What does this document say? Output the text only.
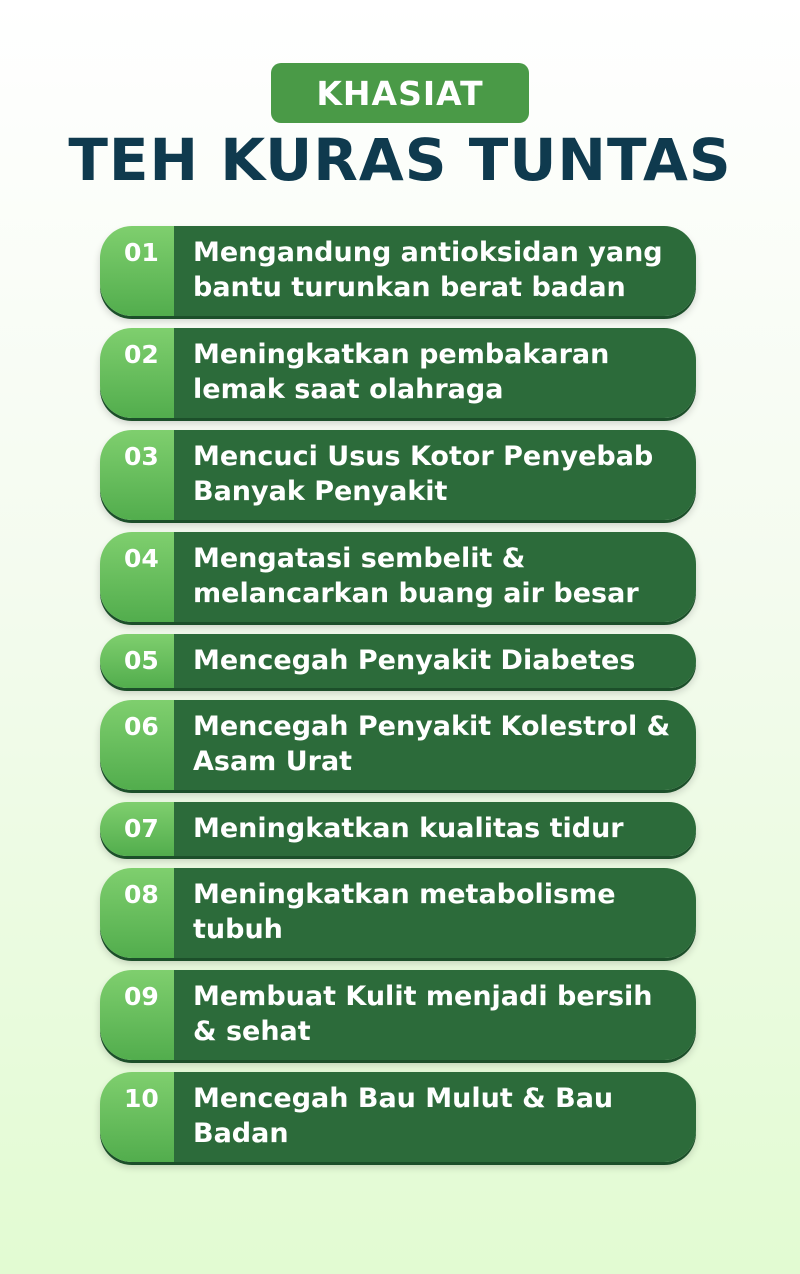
KHASIAT
TEH KURAS TUNTAS
01	Mengandung antioksidan yang bantu turunkan berat badan
02	Meningkatkan pembakaran lemak saat olahraga
03	Mencuci Usus Kotor Penyebab Banyak Penyakit
04	Mengatasi sembelit & melancarkan buang air besar
05	Mencegah Penyakit Diabetes
06	Mencegah Penyakit Kolestrol & Asam Urat
07	Meningkatkan kualitas tidur
08	Meningkatkan metabolisme tubuh
09	Membuat Kulit menjadi bersih & sehat
10	Mencegah Bau Mulut & Bau Badan
